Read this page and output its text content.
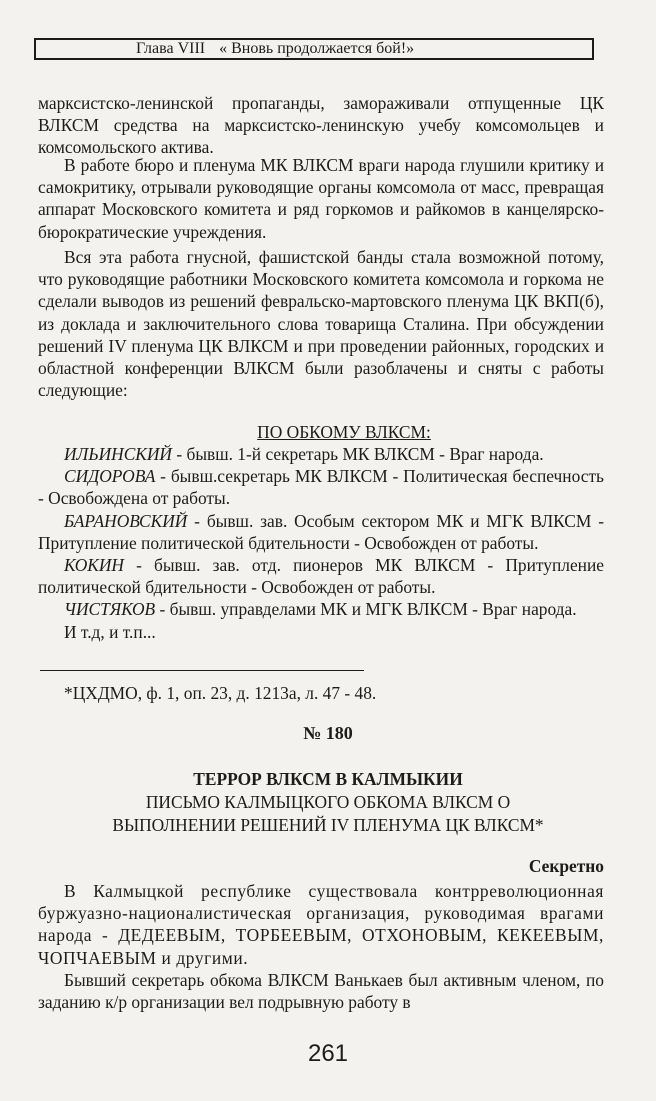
Глава VIII « Вновь продолжается бой!»

марксистско-ленинской пропаганды, замораживали отпущенные ЦК ВЛКСМ средства на марксистско-ленинскую учебу комсомольцев и комсомольского актива.

В работе бюро и пленума МК ВЛКСМ враги народа глушили критику и самокритику, отрывали руководящие органы комсомола от масс, превращая аппарат Московского комитета и ряд горкомов и райкомов в канцелярско-бюрократические учреждения.

Вся эта работа гнусной, фашистской банды стала возможной потому, что руководящие работники Московского комитета комсомола и горкома не сделали выводов из решений февральско-мартовского пленума ЦК ВКП(б), из доклада и заключительного слова товарища Сталина. При обсуждении решений IV пленума ЦК ВЛКСМ и при проведении районных, городских и областной конференции ВЛКСМ были разоблачены и сняты с работы следующие:

ПО ОБКОМУ ВЛКСМ:

ИЛЬИНСКИЙ - бывш. 1-й секретарь МК ВЛКСМ - Враг народа.

СИДОРОВА - бывш.секретарь МК ВЛКСМ - Политическая беспечность - Освобождена от работы.

БАРАНОВСКИЙ - бывш. зав. Особым сектором МК и МГК ВЛКСМ - Притупление политической бдительности - Освобожден от работы.

КОКИН - бывш. зав. отд. пионеров МК ВЛКСМ - Притупление политической бдительности - Освобожден от работы.

ЧИСТЯКОВ - бывш. управделами МК и МГК ВЛКСМ - Враг народа.

И т.д, и т.п...

*ЦХДМО, ф. 1, оп. 23, д. 1213а, л. 47 - 48.
№ 180
ТЕРРОР ВЛКСМ В КАЛМЫКИИ
ПИСЬМО КАЛМЫЦКОГО ОБКОМА ВЛКСМ О
ВЫПОЛНЕНИИ РЕШЕНИЙ IV ПЛЕНУМА ЦК ВЛКСМ*
Секретно

В Калмыцкой республике существовала контрреволюционная буржуазно-националистическая организация, руководимая врагами народа - ДЕДЕЕВЫМ, ТОРБЕЕВЫМ, ОТХОНОВЫМ, КЕКЕЕВЫМ, ЧОПЧАЕВЫМ и другими.

Бывший секретарь обкома ВЛКСМ Ванькаев был активным членом, по заданию к/р организации вел подрывную работу в

261
